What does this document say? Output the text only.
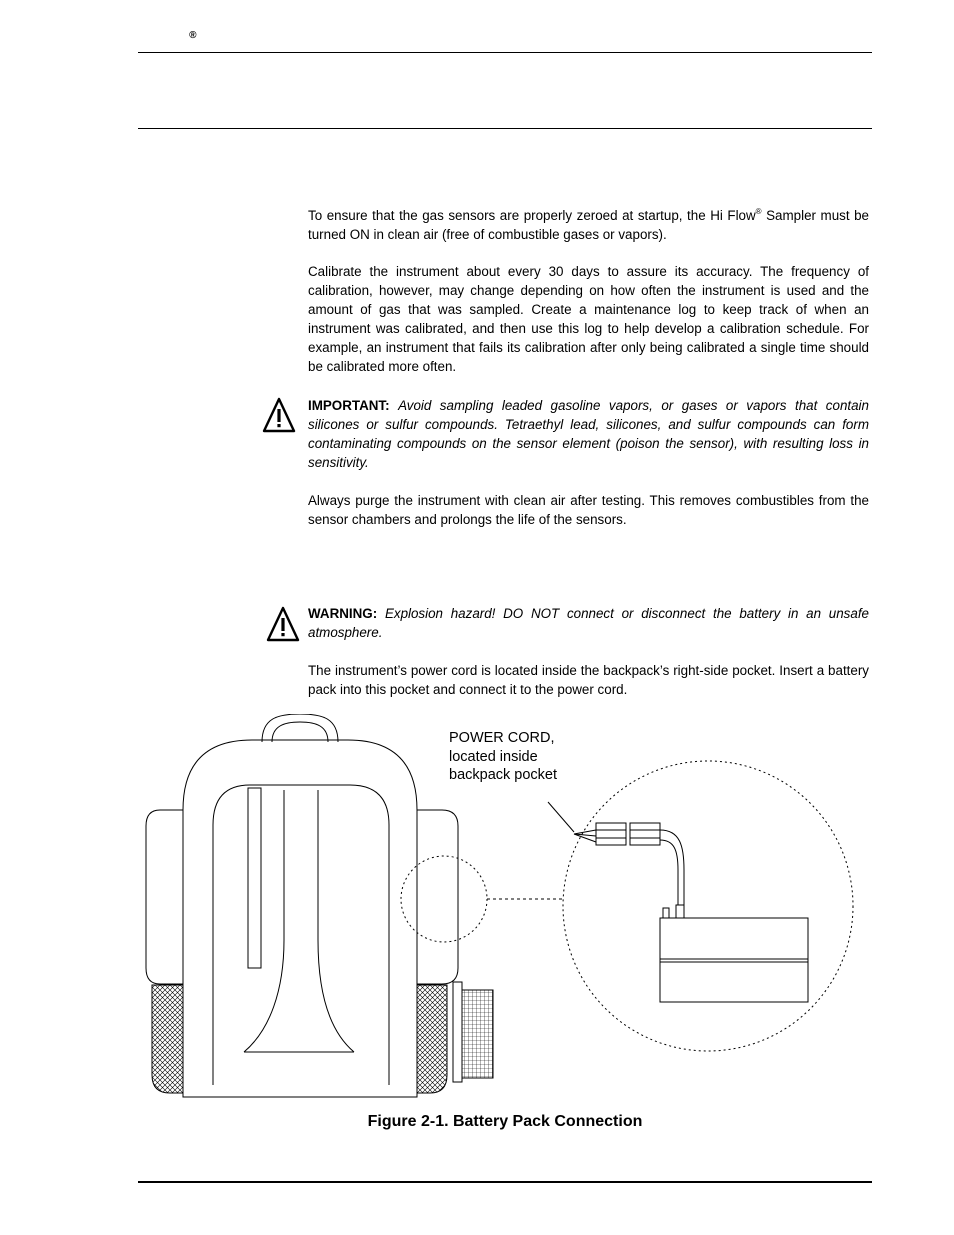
®

To ensure that the gas sensors are properly zeroed at startup, the Hi Flow® Sampler must be turned ON in clean air (free of combustible gases or vapors).

Calibrate the instrument about every 30 days to assure its accuracy. The frequency of calibration, however, may change depending on how often the instrument is used and the amount of gas that was sampled. Create a maintenance log to keep track of when an instrument was calibrated, and then use this log to help develop a calibration schedule. For example, an instrument that fails its calibration after only being calibrated a single time should be calibrated more often.

IMPORTANT: Avoid sampling leaded gasoline vapors, or gases or vapors that contain silicones or sulfur compounds. Tetraethyl lead, silicones, and sulfur compounds can form contaminating compounds on the sensor element (poison the sensor), with resulting loss in sensitivity.

Always purge the instrument with clean air after testing. This removes combustibles from the sensor chambers and prolongs the life of the sensors.

WARNING: Explosion hazard! DO NOT connect or disconnect the battery in an unsafe atmosphere.

The instrument’s power cord is located inside the backpack’s right-side pocket. Insert a battery pack into this pocket and connect it to the power cord.

POWER CORD,
located inside
backpack pocket
Figure 2-1. Battery Pack Connection
